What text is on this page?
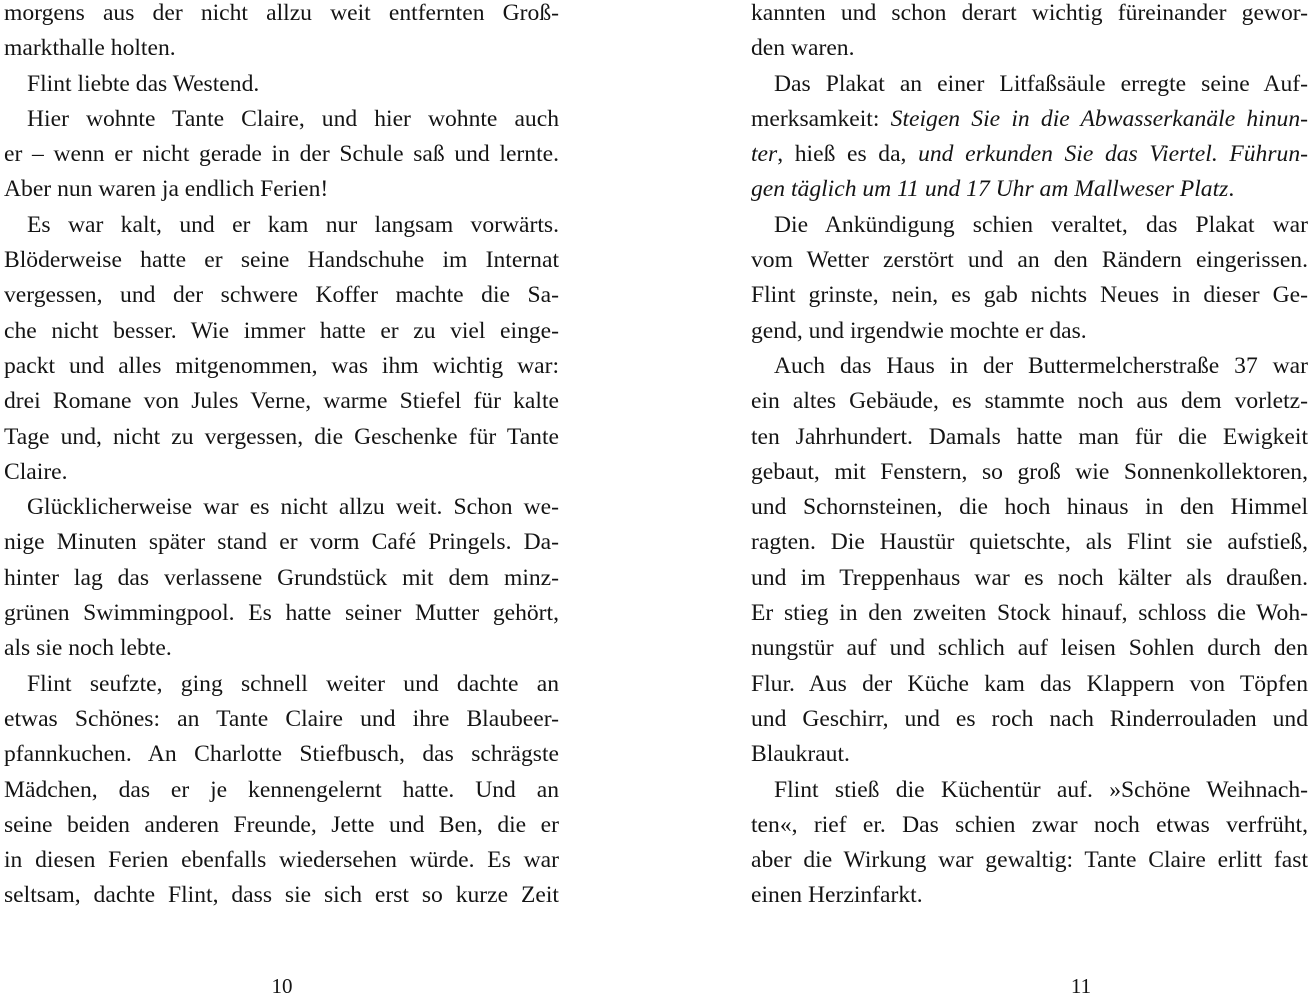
morgens aus der nicht allzu weit entfernten Groß-
markthalle holten.
Flint liebte das Westend.
Hier wohnte Tante Claire, und hier wohnte auch
er – wenn er nicht gerade in der Schule saß und lernte.
Aber nun waren ja endlich Ferien!
Es war kalt, und er kam nur langsam vorwärts.
Blöderweise hatte er seine Handschuhe im Internat
vergessen, und der schwere Koffer machte die Sa-
che nicht besser. Wie immer hatte er zu viel einge-
packt und alles mitgenommen, was ihm wichtig war:
drei Romane von Jules Verne, warme Stiefel für kalte
Tage und, nicht zu vergessen, die Geschenke für Tante
Claire.
Glücklicherweise war es nicht allzu weit. Schon we-
nige Minuten später stand er vorm Café Pringels. Da-
hinter lag das verlassene Grundstück mit dem minz-
grünen Swimmingpool. Es hatte seiner Mutter gehört,
als sie noch lebte.
Flint seufzte, ging schnell weiter und dachte an
etwas Schönes: an Tante Claire und ihre Blaubeer-
pfannkuchen. An Charlotte Stiefbusch, das schrägste
Mädchen, das er je kennengelernt hatte. Und an
seine beiden anderen Freunde, Jette und Ben, die er
in diesen Ferien ebenfalls wiedersehen würde. Es war
seltsam, dachte Flint, dass sie sich erst so kurze Zeit
10
kannten und schon derart wichtig füreinander gewor-
den waren.
Das Plakat an einer Litfaßsäule erregte seine Auf-
merksamkeit: Steigen Sie in die Abwasserkanäle hinun-
ter, hieß es da, und erkunden Sie das Viertel. Führun-
gen täglich um 11 und 17 Uhr am Mallweser Platz.
Die Ankündigung schien veraltet, das Plakat war
vom Wetter zerstört und an den Rändern eingerissen.
Flint grinste, nein, es gab nichts Neues in dieser Ge-
gend, und irgendwie mochte er das.
Auch das Haus in der Buttermelcherstraße 37 war
ein altes Gebäude, es stammte noch aus dem vorletz-
ten Jahrhundert. Damals hatte man für die Ewigkeit
gebaut, mit Fenstern, so groß wie Sonnenkollektoren,
und Schornsteinen, die hoch hinaus in den Himmel
ragten. Die Haustür quietschte, als Flint sie aufstieß,
und im Treppenhaus war es noch kälter als draußen.
Er stieg in den zweiten Stock hinauf, schloss die Woh-
nungstür auf und schlich auf leisen Sohlen durch den
Flur. Aus der Küche kam das Klappern von Töpfen
und Geschirr, und es roch nach Rinderrouladen und
Blaukraut.
Flint stieß die Küchentür auf. »Schöne Weihnach-
ten«, rief er. Das schien zwar noch etwas verfrüht,
aber die Wirkung war gewaltig: Tante Claire erlitt fast
einen Herzinfarkt.
11
